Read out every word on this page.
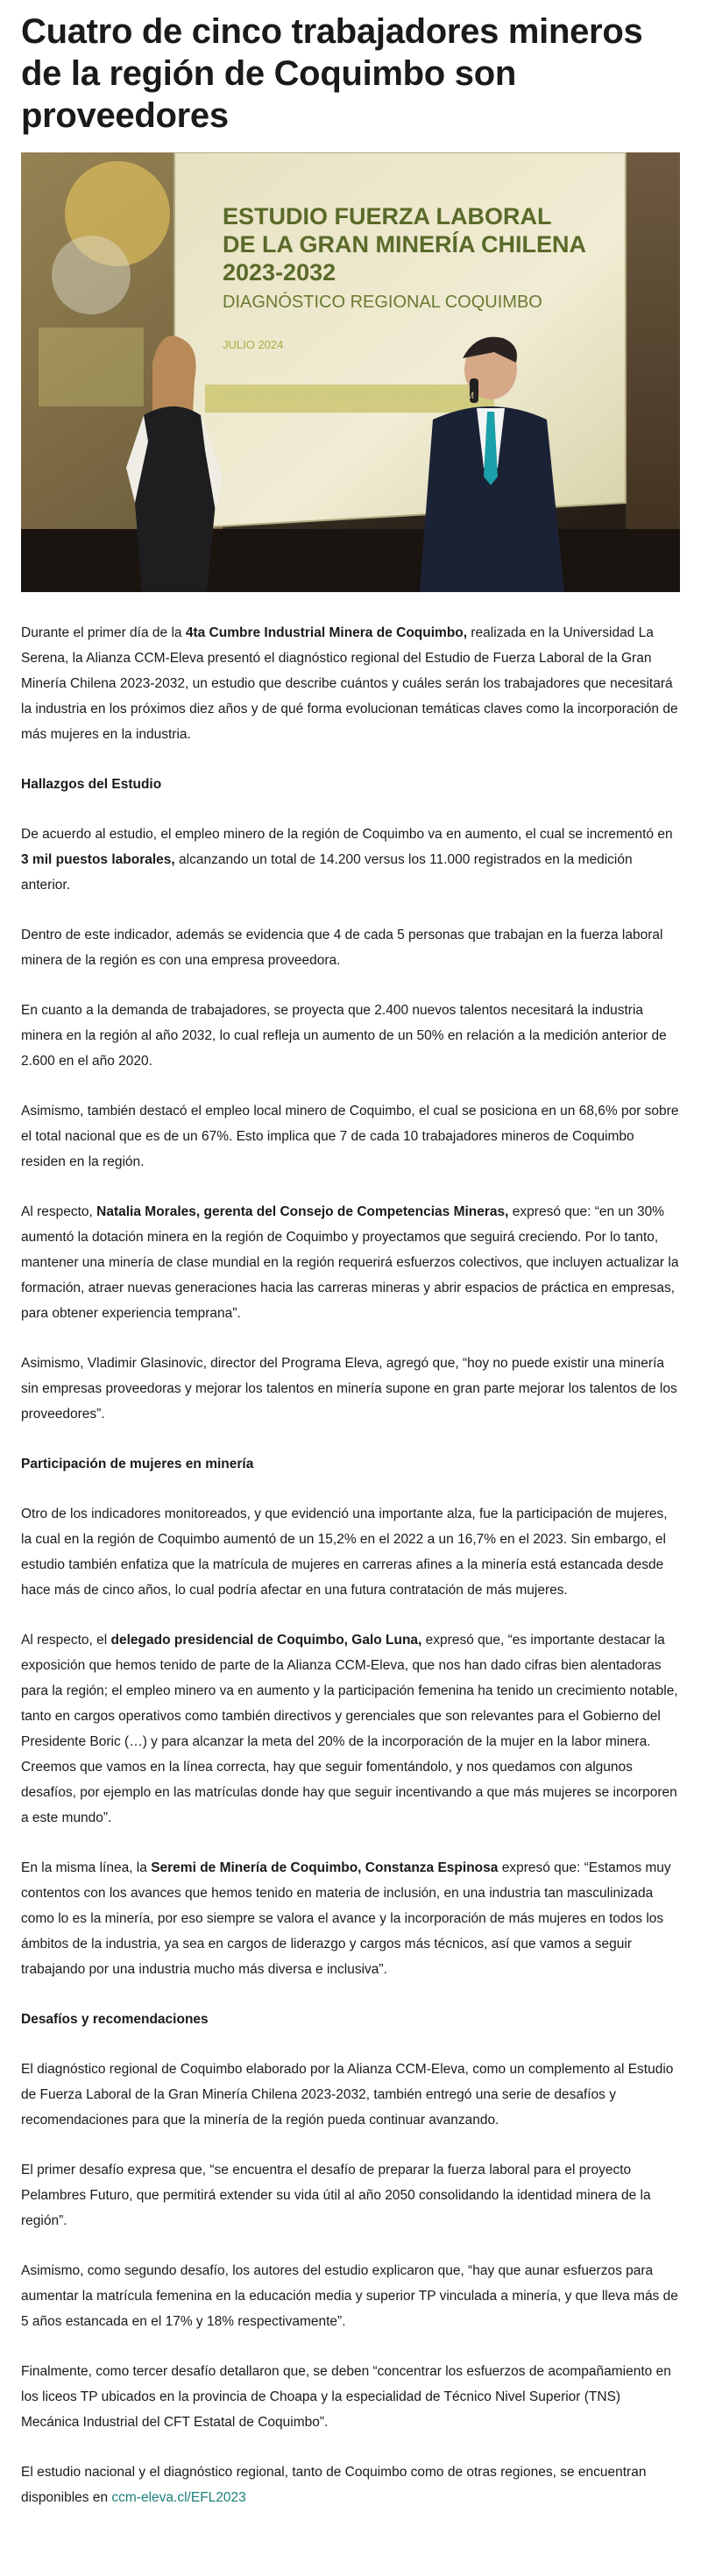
Cuatro de cinco trabajadores mineros de la región de Coquimbo son proveedores
ESTUDIO FUERZA LABORAL
DE LA GRAN MINERÍA CHILENA
2023-2032
DIAGNÓSTICO REGIONAL COQUIMBO
JULIO 2024
NATALIA MORALES - GERENTA CCM-ALIANZA CCM
VLADIMIR GLASINOVIC - DIRECTOR ELEVA

Durante el primer día de la 4ta Cumbre Industrial Minera de Coquimbo, realizada en la Universidad La Serena, la Alianza CCM-Eleva presentó el diagnóstico regional del Estudio de Fuerza Laboral de la Gran Minería Chilena 2023-2032, un estudio que describe cuántos y cuáles serán los trabajadores que necesitará la industria en los próximos diez años y de qué forma evolucionan temáticas claves como la incorporación de más mujeres en la industria.

Hallazgos del Estudio

De acuerdo al estudio, el empleo minero de la región de Coquimbo va en aumento, el cual se incrementó en 3 mil puestos laborales, alcanzando un total de 14.200 versus los 11.000 registrados en la medición anterior.

Dentro de este indicador, además se evidencia que 4 de cada 5 personas que trabajan en la fuerza laboral minera de la región es con una empresa proveedora.

En cuanto a la demanda de trabajadores, se proyecta que 2.400 nuevos talentos necesitará la industria minera en la región al año 2032, lo cual refleja un aumento de un 50% en relación a la medición anterior de 2.600 en el año 2020.

Asimismo, también destacó el empleo local minero de Coquimbo, el cual se posiciona en un 68,6% por sobre el total nacional que es de un 67%. Esto implica que 7 de cada 10 trabajadores mineros de Coquimbo residen en la región.

Al respecto, Natalia Morales, gerenta del Consejo de Competencias Mineras, expresó que: “en un 30% aumentó la dotación minera en la región de Coquimbo y proyectamos que seguirá creciendo. Por lo tanto, mantener una minería de clase mundial en la región requerirá esfuerzos colectivos, que incluyen actualizar la formación, atraer nuevas generaciones hacia las carreras mineras y abrir espacios de práctica en empresas, para obtener experiencia temprana”.

Asimismo, Vladimir Glasinovic, director del Programa Eleva, agregó que, “hoy no puede existir una minería sin empresas proveedoras y mejorar los talentos en minería supone en gran parte mejorar los talentos de los proveedores”.

Participación de mujeres en minería

Otro de los indicadores monitoreados, y que evidenció una importante alza, fue la participación de mujeres, la cual en la región de Coquimbo aumentó de un 15,2% en el 2022 a un 16,7% en el 2023. Sin embargo, el estudio también enfatiza que la matrícula de mujeres en carreras afines a la minería está estancada desde hace más de cinco años, lo cual podría afectar en una futura contratación de más mujeres.

Al respecto, el delegado presidencial de Coquimbo, Galo Luna, expresó que, “es importante destacar la exposición que hemos tenido de parte de la Alianza CCM-Eleva, que nos han dado cifras bien alentadoras para la región; el empleo minero va en aumento y la participación femenina ha tenido un crecimiento notable, tanto en cargos operativos como también directivos y gerenciales que son relevantes para el Gobierno del Presidente Boric (…) y para alcanzar la meta del 20% de la incorporación de la mujer en la labor minera. Creemos que vamos en la línea correcta, hay que seguir fomentándolo, y nos quedamos con algunos desafíos, por ejemplo en las matrículas donde hay que seguir incentivando a que más mujeres se incorporen a este mundo”.

En la misma línea, la Seremi de Minería de Coquimbo, Constanza Espinosa expresó que: “Estamos muy contentos con los avances que hemos tenido en materia de inclusión, en una industria tan masculinizada como lo es la minería, por eso siempre se valora el avance y la incorporación de más mujeres en todos los ámbitos de la industria, ya sea en cargos de liderazgo y cargos más técnicos, así que vamos a seguir trabajando por una industria mucho más diversa e inclusiva”.

Desafíos y recomendaciones

El diagnóstico regional de Coquimbo elaborado por la Alianza CCM-Eleva, como un complemento al Estudio de Fuerza Laboral de la Gran Minería Chilena 2023-2032, también entregó una serie de desafíos y recomendaciones para que la minería de la región pueda continuar avanzando.

El primer desafío expresa que, “se encuentra el desafío de preparar la fuerza laboral para el proyecto Pelambres Futuro, que permitirá extender su vida útil al año 2050 consolidando la identidad minera de la región”.

Asimismo, como segundo desafío, los autores del estudio explicaron que, “hay que aunar esfuerzos para aumentar la matrícula femenina en la educación media y superior TP vinculada a minería, y que lleva más de 5 años estancada en el 17% y 18% respectivamente”.

Finalmente, como tercer desafío detallaron que, se deben “concentrar los esfuerzos de acompañamiento en los liceos TP ubicados en la provincia de Choapa y la especialidad de Técnico Nivel Superior (TNS) Mecánica Industrial del CFT Estatal de Coquimbo”.

El estudio nacional y el diagnóstico regional, tanto de Coquimbo como de otras regiones, se encuentran disponibles en ccm-eleva.cl/EFL2023
